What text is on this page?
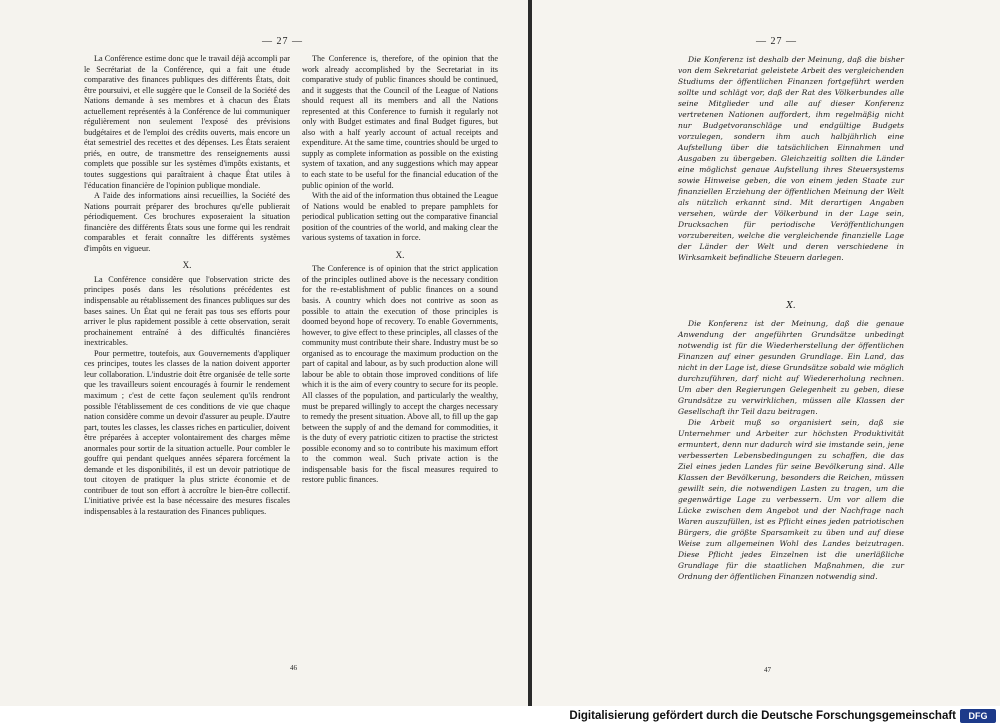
— 27 —

La Conférence estime donc que le travail déjà accompli par le Secrétariat de la Conférence, qui a fait une étude comparative des finances publiques des différents États, doit être poursuivi, et elle suggère que le Conseil de la Société des Nations demande à ses membres et à chacun des États actuellement représentés à la Conférence de lui communiquer régulièrement non seulement l'exposé des prévisions budgétaires et de l'emploi des crédits ouverts, mais encore un état semestriel des recettes et des dépenses. Les États seraient priés, en outre, de transmettre des renseignements aussi complets que possible sur les systèmes d'impôts existants, et toutes suggestions qui paraîtraient à chaque État utiles à l'éducation financière de l'opinion publique mondiale.

A l'aide des informations ainsi recueillies, la Société des Nations pourrait préparer des brochures qu'elle publierait périodiquement. Ces brochures exposeraient la situation financière des différents États sous une forme qui les rendrait comparables et ferait connaître les différents systèmes d'impôts en vigueur.

X.

La Conférence considère que l'observation stricte des principes posés dans les résolutions précédentes est indispensable au rétablissement des finances publiques sur des bases saines. Un État qui ne ferait pas tous ses efforts pour arriver le plus rapidement possible à cette observation, serait prochainement entraîné à des difficultés financières inextricables.

Pour permettre, toutefois, aux Gouvernements d'appliquer ces principes, toutes les classes de la nation doivent apporter leur collaboration. L'industrie doit être organisée de telle sorte que les travailleurs soient encouragés à fournir le rendement maximum ; c'est de cette façon seulement qu'ils rendront possible l'établissement de ces conditions de vie que chaque nation considère comme un devoir d'assurer au peuple. D'autre part, toutes les classes, les classes riches en particulier, doivent être préparées à accepter volontairement des charges même anormales pour sortir de la situation actuelle. Pour combler le gouffre qui pendant quelques années séparera forcément la demande et les disponibilités, il est un devoir patriotique de tout citoyen de pratiquer la plus stricte économie et de contribuer de tout son effort à accroître le bien-être collectif. L'initiative privée est la base nécessaire des mesures fiscales indispensables à la restauration des Finances publiques.

The Conference is, therefore, of the opinion that the work already accomplished by the Secretariat in its comparative study of public finances should be continued, and it suggests that the Council of the League of Nations should request all its members and all the Nations represented at this Conference to furnish it regularly not only with Budget estimates and final Budget figures, but also with a half yearly account of actual receipts and expenditure. At the same time, countries should be urged to supply as complete information as possible on the existing system of taxation, and any suggestions which may appear to each state to be useful for the financial education of the public opinion of the world.

With the aid of the information thus obtained the League of Nations would be enabled to prepare pamphlets for periodical publication setting out the comparative financial position of the countries of the world, and making clear the various systems of taxation in force.

X.

The Conference is of opinion that the strict application of the principles outlined above is the necessary condition for the re-establishment of public finances on a sound basis. A country which does not contrive as soon as possible to attain the execution of those principles is doomed beyond hope of recovery. To enable Governments, however, to give effect to these principles, all classes of the community must contribute their share. Industry must be so organised as to encourage the maximum production on the part of capital and labour, as by such production alone will labour be able to obtain those improved conditions of life which it is the aim of every country to secure for its people. All classes of the population, and particularly the wealthy, must be prepared willingly to accept the charges necessary to remedy the present situation. Above all, to fill up the gap between the supply of and the demand for commodities, it is the duty of every patriotic citizen to practise the strictest possible economy and so to contribute his maximum effort to the common weal. Such private action is the indispensable basis for the fiscal measures required to restore public finances.

46
— 27 —

Die Konferenz ist deshalb der Meinung, daß die bisher von dem Sekretariat geleistete Arbeit des vergleichenden Studiums der öffentlichen Finanzen fortgeführt werden sollte und schlägt vor, daß der Rat des Völkerbundes alle seine Mitglieder und alle auf dieser Konferenz vertretenen Nationen auffordert, ihm regelmäßig nicht nur Budgetvoranschläge und endgültige Budgets vorzulegen, sondern ihm auch halbjährlich eine Aufstellung über die tatsächlichen Einnahmen und Ausgaben zu übergeben. Gleichzeitig sollten die Länder eine möglichst genaue Aufstellung ihres Steuersystems sowie Hinweise geben, die von einem jeden Staate zur finanziellen Erziehung der öffentlichen Meinung der Welt als nützlich erkannt sind. Mit derartigen Angaben versehen, würde der Völkerbund in der Lage sein, Drucksachen für periodische Veröffentlichungen vorzubereiten, welche die vergleichende finanzielle Lage der Länder der Welt und deren verschiedene in Wirksamkeit befindliche Steuern darlegen.

X.

Die Konferenz ist der Meinung, daß die genaue Anwendung der angeführten Grundsätze unbedingt notwendig ist für die Wiederherstellung der öffentlichen Finanzen auf einer gesunden Grundlage. Ein Land, das nicht in der Lage ist, diese Grundsätze sobald wie möglich durchzuführen, darf nicht auf Wiedererholung rechnen. Um aber den Regierungen Gelegenheit zu geben, diese Grundsätze zu verwirklichen, müssen alle Klassen der Gesellschaft ihr Teil dazu beitragen.

Die Arbeit muß so organisiert sein, daß sie Unternehmer und Arbeiter zur höchsten Produktivität ermuntert, denn nur dadurch wird sie imstande sein, jene verbesserten Lebensbedingungen zu schaffen, die das Ziel eines jeden Landes für seine Bevölkerung sind. Alle Klassen der Bevölkerung, besonders die Reichen, müssen gewillt sein, die notwendigen Lasten zu tragen, um die gegenwärtige Lage zu verbessern. Um vor allem die Lücke zwischen dem Angebot und der Nachfrage nach Waren auszufüllen, ist es Pflicht eines jeden patriotischen Bürgers, die größte Sparsamkeit zu üben und auf diese Weise zum allgemeinen Wohl des Landes beizutragen. Diese Pflicht jedes Einzelnen ist die unerläßliche Grundlage für die staatlichen Maßnahmen, die zur Ordnung der öffentlichen Finanzen notwendig sind.

47
Digitalisierung gefördert durch die Deutsche Forschungsgemeinschaft	DFG
